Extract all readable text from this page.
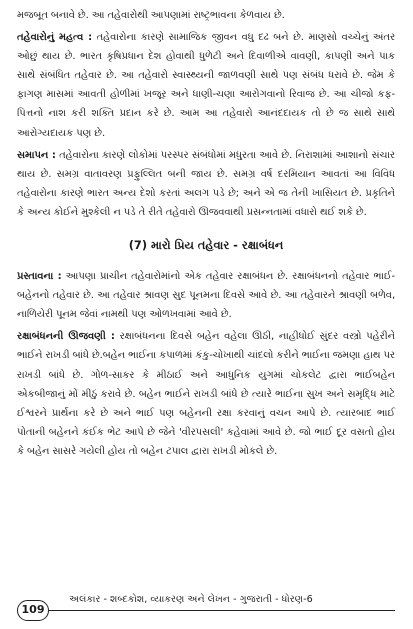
મજબૂત બનાવે છે. આ તહેવારોથી આપણામાં રાષ્ટ્રભાવના કેળવાય છે.

તહેવારોનું મહત્વ : તહેવારોના કારણે સામાજિક જીવન વધુ દઢ બને છે. માણસો વચ્ચેનું અંતર ઓછું થાય છે. ભારત કૃષિપ્રધાન દેશ હોવાથી ધુળેટી અને દિવાળીએ વાવણી, કાપણી અને પાક સાથે સંબંધિત તહેવાર છે. આ તહેવારો સ્વાસ્થ્યની જાળવણી સાથે પણ સંબંધ ધરાવે છે. જેમ કે ફાગણ માસમાં આવતી હોળીમાં ખજૂર અને ધાણી-ચણા આરોગવાનો રિવાજ છે. આ ચીજો કફ-પિત્તનો નાશ કરી શક્તિ પ્રદાન કરે છે. આમ આ તહેવારો આનંદદાયક તો છે જ સાથે સાથે આરોગ્યદાયક પણ છે.

સમાપન : તહેવારોના કારણે લોકોમાં પરસ્પર સંબંધોમાં મધુરતા આવે છે. નિરાશામાં આશાનો સંચાર થાય છે. સમગ્ર વાતાવરણ પ્રફુલ્લિત બની જાય છે. સમગ્ર વર્ષ દરમિયાન આવતાં આ વિવિધ તહેવારોના કારણે ભારત અન્ય દેશો કરતાં અલગ પડે છે; અને એ જ તેની ખાસિયત છે. પ્રકૃતિને કે અન્ય કોઈને મુશ્કેલી ન પડે તે રીતે તહેવારો ઊજવવાથી પ્રસન્નતામાં વધારો થઈ શકે છે.

(7) મારો પ્રિય તહેવાર - રક્ષાબંધન

પ્રસ્તાવના : આપણા પ્રાચીન તહેવારોમાંનો એક તહેવાર રક્ષાબંધન છે. રક્ષાબંધનનો તહેવાર ભાઈ-બહેનનો તહેવાર છે. આ તહેવાર શ્રાવણ સુદ પૂનમના દિવસે આવે છે. આ તહેવારને શ્રાવણી બળેવ, નાળિયેરી પૂનમ જેવાં નામથી પણ ઓળખવામાં આવે છે.

રક્ષાબંધનની ઊજવણી : રક્ષાબંધનના દિવસે બહેન વહેલા ઊઠી, નાહીધોઈ સુંદર વસ્ત્રો પહેરીને ભાઈને રાખડી બાંધે છે.બહેન ભાઈના કપાળમાં કંકુ-ચોખાથી ચાંદલો કરીને ભાઈના જમણા હાથ પર રાખડી બાંધે છે. ગોળ-સાકર કે મીઠાઈ અને આધુનિક યુગમાં ચોકલેટ દ્વારા ભાઈબહેન એકબીજાનું મોં મીઠું કરાવે છે. બહેન ભાઈને રાખડી બાંધે છે ત્યારે ભાઈના સુખ અને સમૃદ્ધિ માટે ઈશ્વરને પ્રાર્થના કરે છે અને ભાઈ પણ બહેનની રક્ષા કરવાનું વચન આપે છે. ત્યારબાદ ભાઈ પોતાની બહેનને કંઈક ભેટ આપે છે જેને 'વીરપસલી' કહેવામાં આવે છે. જો ભાઈ દૂર વસતો હોય કે બહેન સાસરે ગયેલી હોય તો બહેન ટપાલ દ્વારા રાખડી મોકલે છે.

109
અલંકાર - શબ્દકોશ, વ્યાકરણ અને લેખન - ગુજરાતી - ધોરણ-6
